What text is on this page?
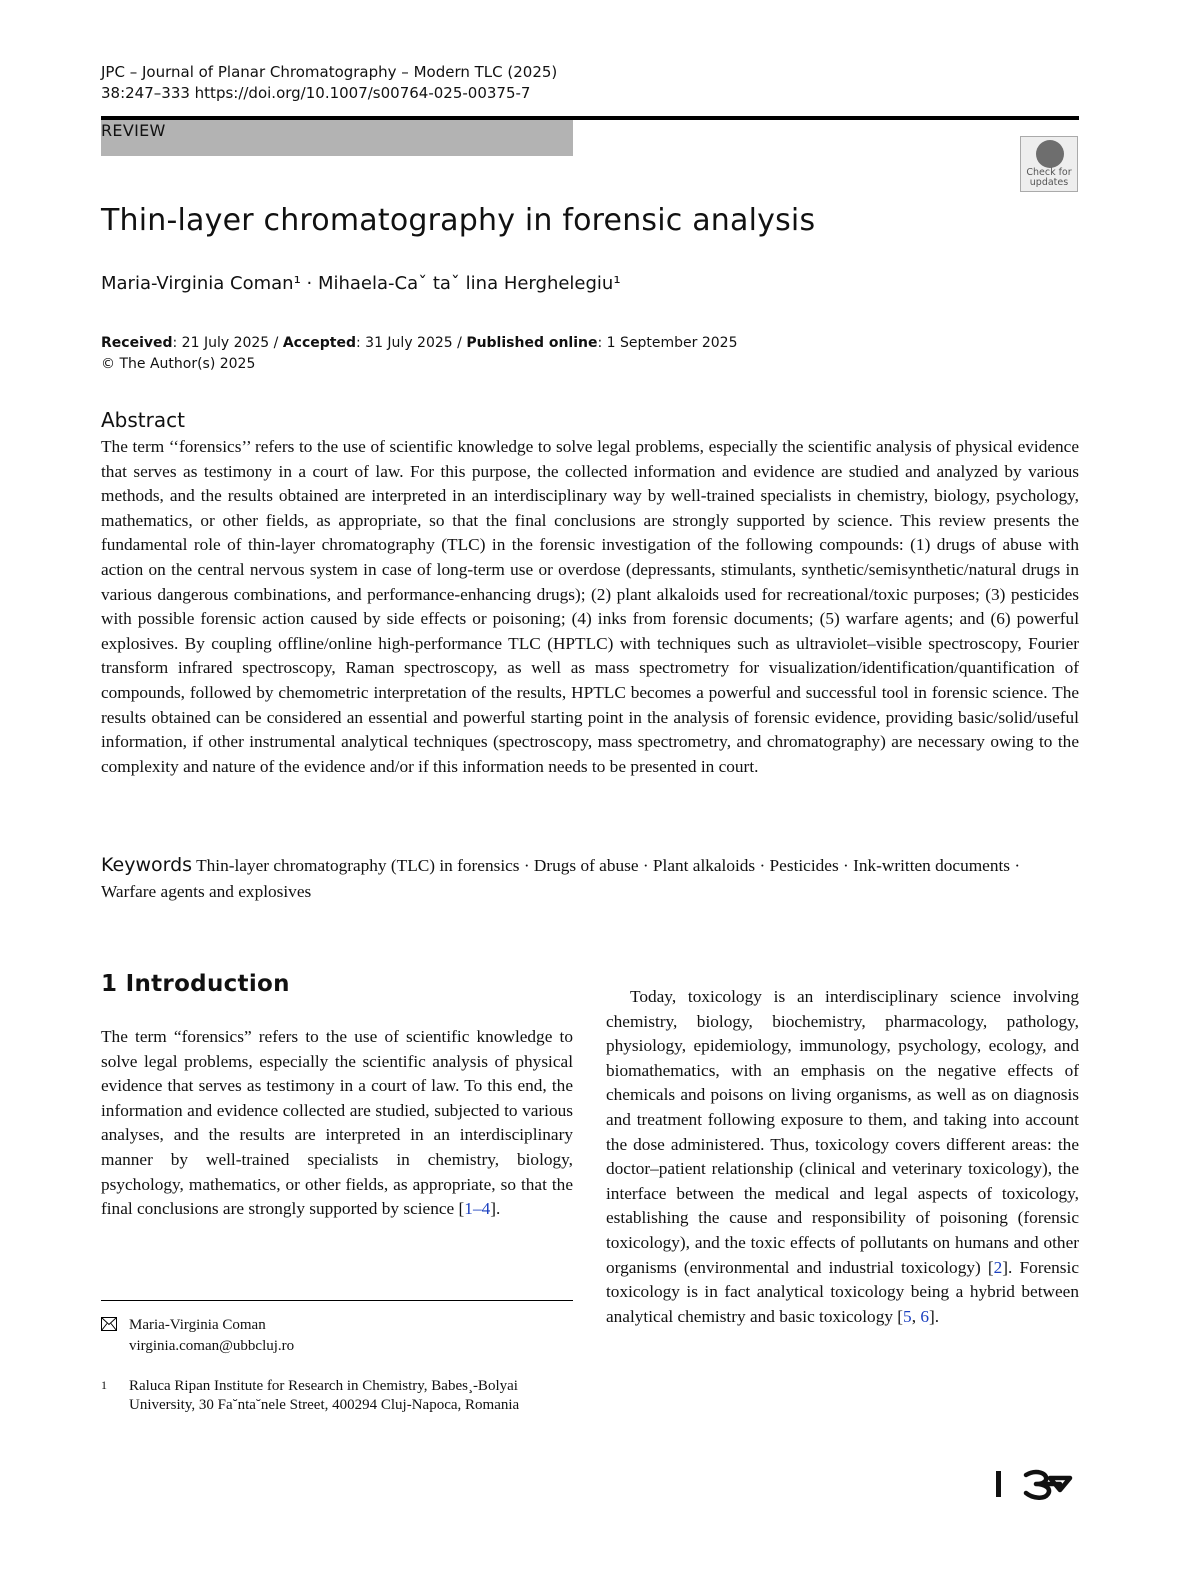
JPC – Journal of Planar Chromatography – Modern TLC (2025) 38:247–333 https://doi.org/10.1007/s00764-025-00375-7
REVIEW
Check for updates
Thin-layer chromatography in forensic analysis
Maria-Virginia Coman¹ · Mihaela-Caˇ taˇ lina Herghelegiu¹
Received: 21 July 2025 / Accepted: 31 July 2025 / Published online: 1 September 2025
© The Author(s) 2025
Abstract

The term ‘‘forensics’’ refers to the use of scientific knowledge to solve legal problems, especially the scientific analysis of physical evidence that serves as testimony in a court of law. For this purpose, the collected information and evidence are studied and analyzed by various methods, and the results obtained are interpreted in an interdisciplinary way by well-trained specialists in chemistry, biology, psychology, mathematics, or other fields, as appropriate, so that the final conclusions are strongly supported by science. This review presents the fundamental role of thin-layer chromatography (TLC) in the forensic investigation of the following compounds: (1) drugs of abuse with action on the central nervous system in case of long-term use or overdose (depressants, stimulants, synthetic/semisynthetic/natural drugs in various dangerous combinations, and performance-enhancing drugs); (2) plant alkaloids used for recreational/toxic purposes; (3) pesticides with possible forensic action caused by side effects or poisoning; (4) inks from forensic documents; (5) warfare agents; and (6) powerful explosives. By coupling offline/online high-performance TLC (HPTLC) with techniques such as ultraviolet–visible spectroscopy, Fourier transform infrared spectroscopy, Raman spectroscopy, as well as mass spectrometry for visualization/identification/quantification of compounds, followed by chemometric interpretation of the results, HPTLC becomes a powerful and successful tool in forensic science. The results obtained can be considered an essential and powerful starting point in the analysis of forensic evidence, providing basic/solid/useful information, if other instrumental analytical techniques (spectroscopy, mass spectrometry, and chromatography) are necessary owing to the complexity and nature of the evidence and/or if this information needs to be presented in court.

Keywords Thin-layer chromatography (TLC) in forensics · Drugs of abuse · Plant alkaloids · Pesticides · Ink-written documents · Warfare agents and explosives
1 Introduction

The term “forensics” refers to the use of scientific knowledge to solve legal problems, especially the scientific analysis of physical evidence that serves as testimony in a court of law. To this end, the information and evidence collected are studied, subjected to various analyses, and the results are interpreted in an interdisciplinary manner by well-trained specialists in chemistry, biology, psychology, mathematics, or other fields, as appropriate, so that the final conclusions are strongly supported by science [1–4].

Today, toxicology is an interdisciplinary science involving chemistry, biology, biochemistry, pharmacology, pathology, physiology, epidemiology, immunology, psychology, ecology, and biomathematics, with an emphasis on the negative effects of chemicals and poisons on living organisms, as well as on diagnosis and treatment following exposure to them, and taking into account the dose administered. Thus, toxicology covers different areas: the doctor–patient relationship (clinical and veterinary toxicology), the interface between the medical and legal aspects of toxicology, establishing the cause and responsibility of poisoning (forensic toxicology), and the toxic effects of pollutants on humans and other organisms (environmental and industrial toxicology) [2]. Forensic toxicology is in fact analytical toxicology being a hybrid between analytical chemistry and basic toxicology [5, 6].

Maria-Virginia Coman
virginia.coman@ubbcluj.ro
1 Raluca Ripan Institute for Research in Chemistry, Babes¸-Bolyai University, 30 Fa˘nta˘nele Street, 400294 Cluj-Napoca, Romania
